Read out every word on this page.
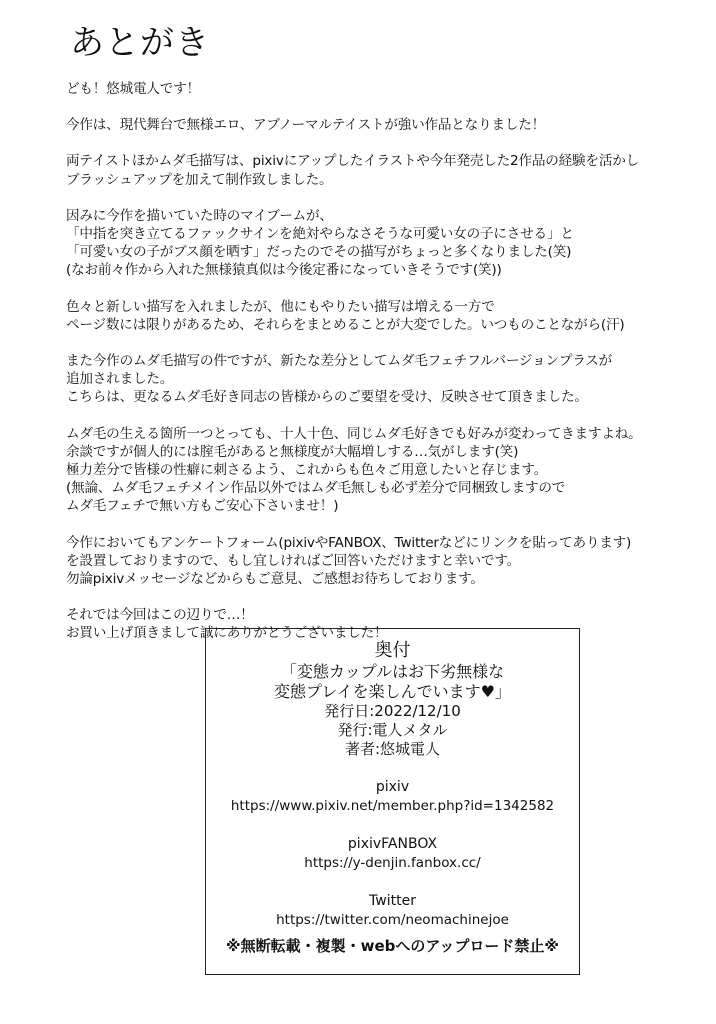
あとがき

ども！悠城電人です！

今作は、現代舞台で無様エロ、アブノーマルテイストが強い作品となりました！

両テイストほかムダ毛描写は、pixivにアップしたイラストや今年発売した2作品の経験を活かし
ブラッシュアップを加えて制作致しました。

因みに今作を描いていた時のマイブームが、
「中指を突き立てるファックサインを絶対やらなさそうな可愛い女の子にさせる」と
「可愛い女の子がブス顔を晒す」だったのでその描写がちょっと多くなりました(笑)
(なお前々作から入れた無様猿真似は今後定番になっていきそうです(笑))

色々と新しい描写を入れましたが、他にもやりたい描写は増える一方で
ページ数には限りがあるため、それらをまとめることが大変でした。いつものことながら(汗)

また今作のムダ毛描写の件ですが、新たな差分としてムダ毛フェチフルバージョンプラスが
追加されました。
こちらは、更なるムダ毛好き同志の皆様からのご要望を受け、反映させて頂きました。

ムダ毛の生える箇所一つとっても、十人十色、同じムダ毛好きでも好みが変わってきますよね。
余談ですが個人的には腟毛があると無様度が大幅増しする…気がします(笑)
極力差分で皆様の性癖に刺さるよう、これからも色々ご用意したいと存じます。
(無論、ムダ毛フェチメイン作品以外ではムダ毛無しも必ず差分で同梱致しますので
ムダ毛フェチで無い方もご安心下さいませ！)

今作においてもアンケートフォーム(pixivやFANBOX、Twitterなどにリンクを貼ってあります)
を設置しておりますので、もし宜しければご回答いただけますと幸いです。
勿論pixivメッセージなどからもご意見、ご感想お待ちしております。

それでは今回はこの辺りで…！
お買い上げ頂きまして誠にありがとうございました！

奥付
「変態カップルはお下劣無様な
変態プレイを楽しんでいます♥」
発行日:2022/12/10
発行:電人メタル
著者:悠城電人
pixiv
https://www.pixiv.net/member.php?id=1342582
pixivFANBOX
https://y-denjin.fanbox.cc/
Twitter
https://twitter.com/neomachinejoe
※無断転載・複製・webへのアップロード禁止※
